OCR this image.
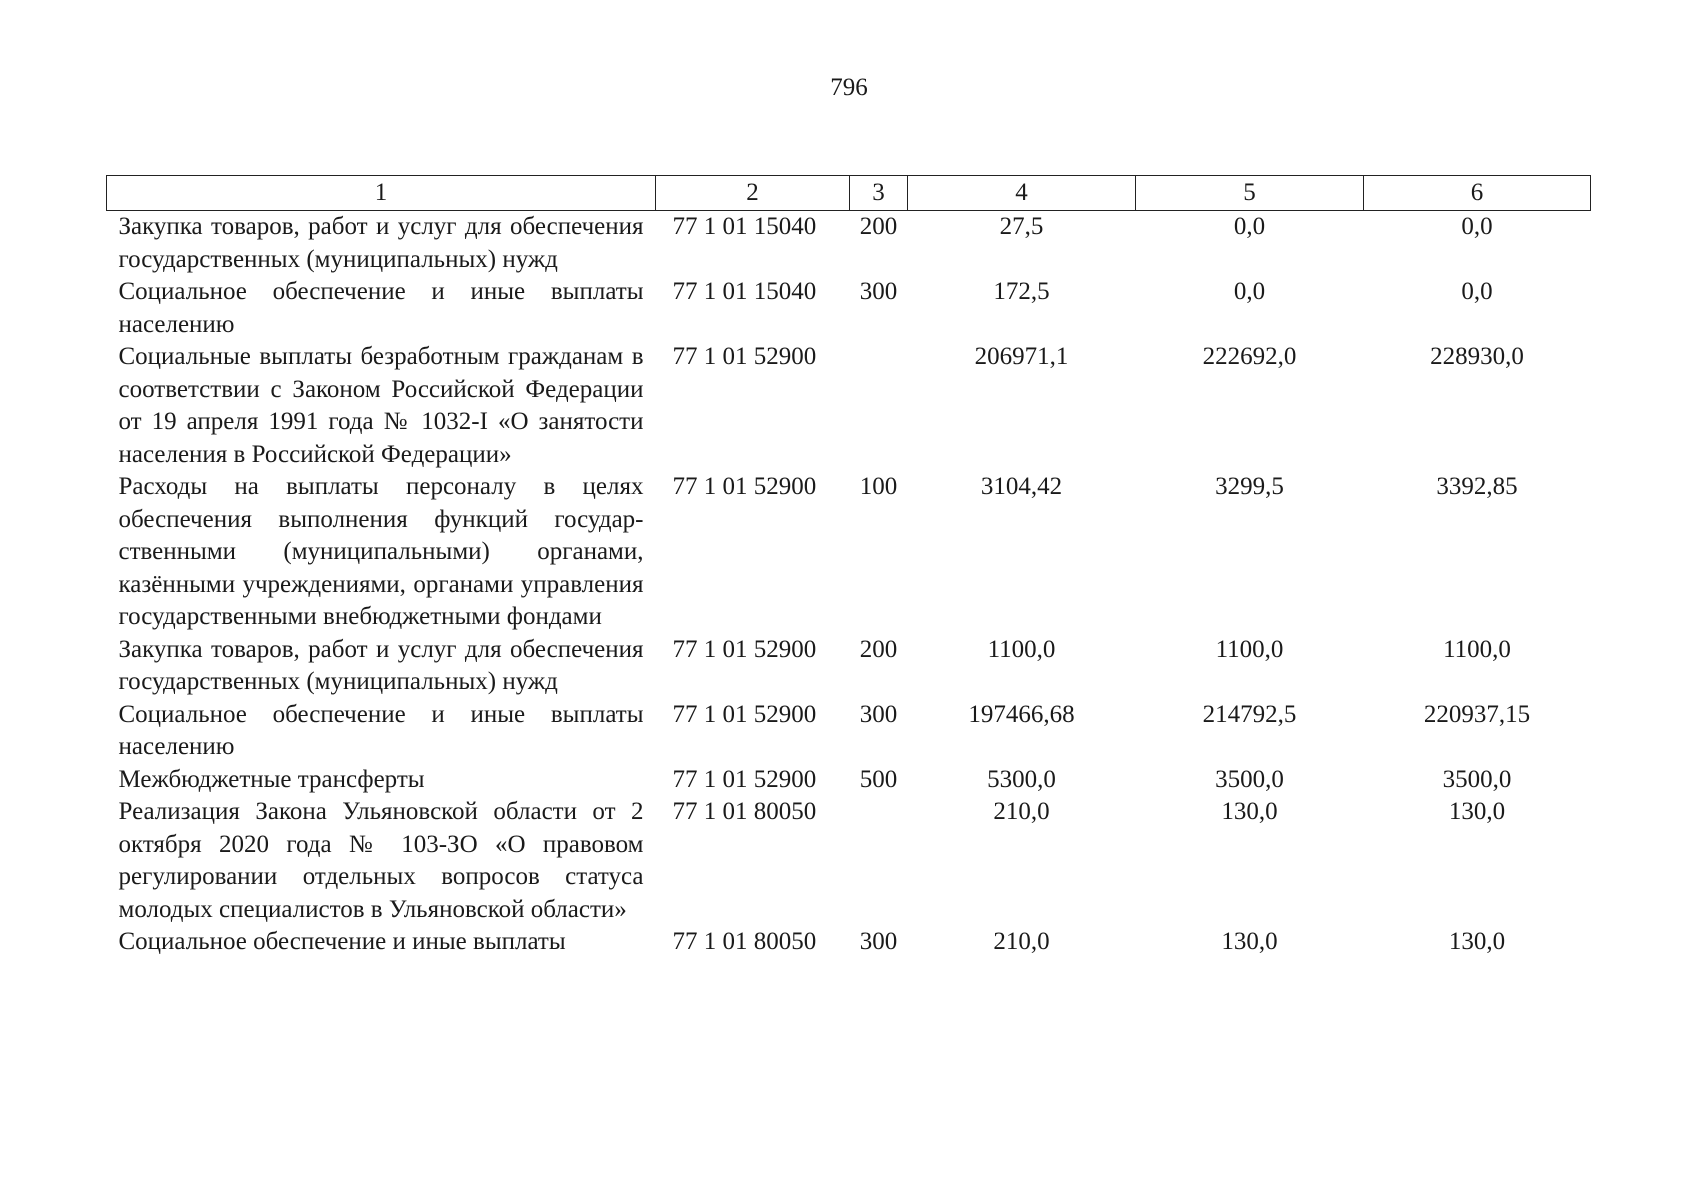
796
1	2	3	4	5	6
Закупка товаров, работ и услуг для обеспечения государственных (муниципальных) нужд	77 1 01 15040	200	27,5	0,0	0,0
Социальное обеспечение и иные выплаты населению	77 1 01 15040	300	172,5	0,0	0,0
Социальные выплаты безработным гражданам в соответствии с Законом Российской Федерации от 19 апреля 1991 года № 1032-I «О занятости населения в Российской Федерации»	77 1 01 52900		206971,1	222692,0	228930,0
Расходы на выплаты персоналу в целях обеспечения выполнения функций государственными (муниципальными) органами, казёнными учреждениями, органами управления государственными внебюджетными фондами	77 1 01 52900	100	3104,42	3299,5	3392,85
Закупка товаров, работ и услуг для обеспечения государственных (муниципальных) нужд	77 1 01 52900	200	1100,0	1100,0	1100,0
Социальное обеспечение и иные выплаты населению	77 1 01 52900	300	197466,68	214792,5	220937,15
Межбюджетные трансферты	77 1 01 52900	500	5300,0	3500,0	3500,0
Реализация Закона Ульяновской области от 2 октября 2020 года № 103-ЗО «О правовом регулировании отдельных вопросов статуса молодых специалистов в Ульяновской области»	77 1 01 80050		210,0	130,0	130,0
Социальное обеспечение и иные выплаты	77 1 01 80050	300	210,0	130,0	130,0
